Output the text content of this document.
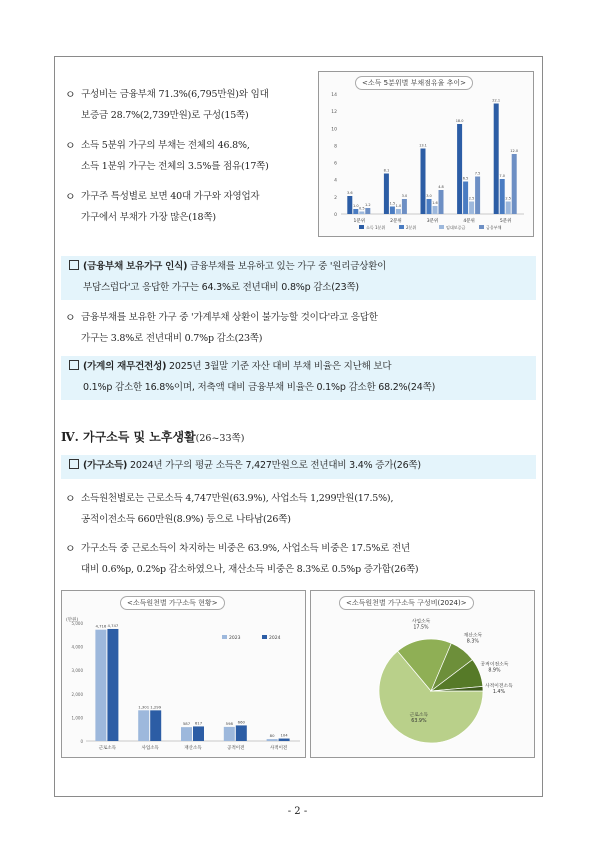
ㅇ 구성비는 금융부채 71.3%(6,795만원)와 임대
보증금 28.7%(2,739만원)로 구성(15쪽)
ㅇ 소득 5분위 가구의 부채는 전체의 46.8%,
소득 1분위 가구는 전체의 3.5%를 점유(17쪽)
ㅇ 가구주 특성별로 보면 40대 가구와 자영업자
가구에서 부채가 가장 많은(18쪽)
<소득 5분위별 부채점유율 추이>
0
2
4
6
8
10
12
14
3.6
1.0
0.5
1.2
1분위
8.1
1.5
1.0
3.0
2분위
13.1
3.0
1.6
4.8
3분위
18.0
6.5
2.5
7.5
4분위
22.1
7.0
2.5
12.0
5분위
소득 1분위	2분위	임대보증금	금융부채
(금융부채 보유가구 인식) 금융부채를 보유하고 있는 가구 중 '원리금상환이
부담스럽다'고 응답한 가구는 64.3%로 전년대비 0.8%p 감소(23쪽)
ㅇ 금융부채를 보유한 가구 중 '가계부채 상환이 불가능할 것이다'라고 응답한
가구는 3.8%로 전년대비 0.7%p 감소(23쪽)
(가계의 재무건전성) 2025년 3월말 기준 자산 대비 부채 비율은 지난해 보다
0.1%p 감소한 16.8%이며, 저축액 대비 금융부채 비율은 0.1%p 감소한 68.2%(24쪽)
Ⅳ. 가구소득 및 노후생활(26~33쪽)
(가구소득) 2024년 가구의 평균 소득은 7,427만원으로 전년대비 3.4% 증가(26쪽)
ㅇ 소득원천별로는 근로소득 4,747만원(63.9%), 사업소득 1,299만원(17.5%),
공적이전소득 660만원(8.9%) 등으로 나타남(26쪽)
ㅇ 가구소득 중 근로소득이 차지하는 비중은 63.9%, 사업소득 비중은 17.5%로 전년
대비 0.6%p, 0.2%p 감소하였으나, 재산소득 비중은 8.3%로 0.5%p 증가함(26쪽)
<소득원천별 가구소득 현황>
(만원)
0
1,000
2,000
3,000
4,000
5,000
4,716 4,747
근로소득
1,301 1,299
사업소득
587 617
재산소득
598 660
공적이전
80 104
사적이전
2023	2024
<소득원천별 가구소득 구성비(2024)>
근로소득
63.9%
사업소득
17.5%
재산소득
8.3%
공적이전소득
8.9%
사적이전소득
1.4%
- 2 -
